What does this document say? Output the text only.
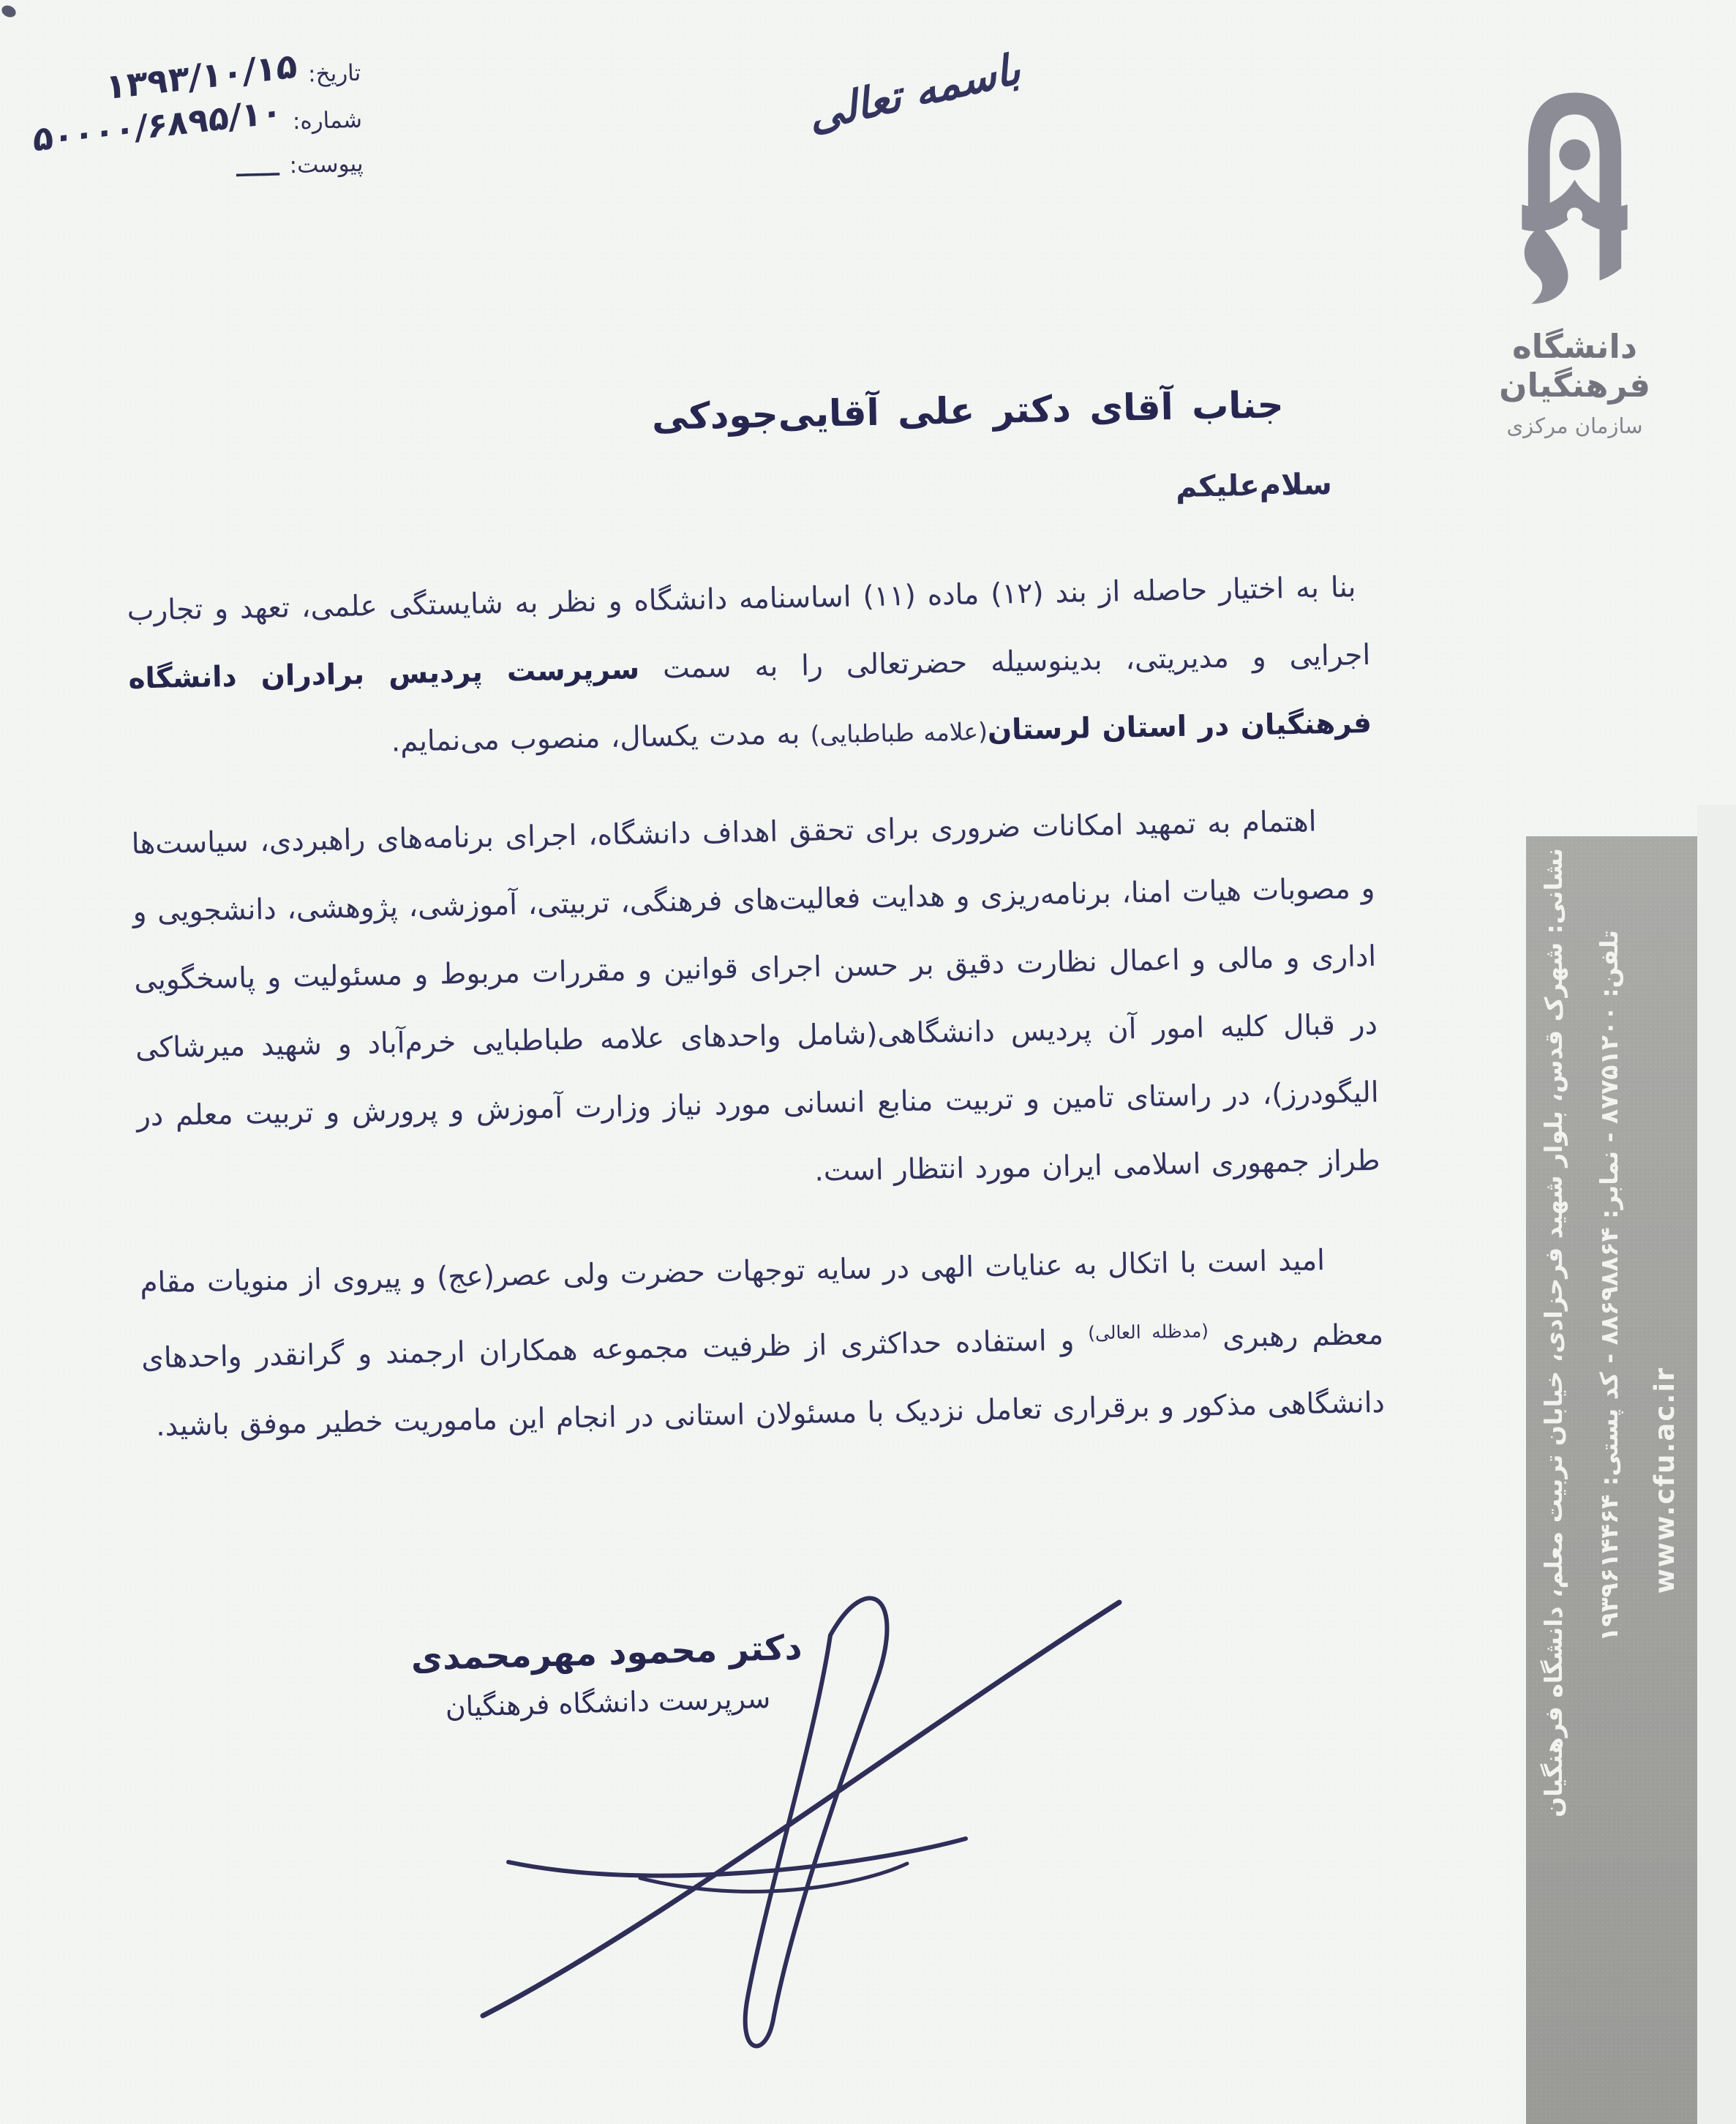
تاریخ:
۱۳۹۳/۱۰/۱۵
شماره:
۵۰۰۰۰/۶۸۹۵/۱۰
پیوست:
ـــــ
باسمه تعالی
دانشگاه فرهنگیان
سازمان مرکزی
جناب آقای دکتر علی آقایی‌جودکی
سلام‌علیکم

بنا به اختیار حاصله از بند (۱۲) ماده (۱۱) اساسنامه دانشگاه و نظر به شایستگی علمی، تعهد و تجارب اجرایی و مدیریتی، بدینوسیله حضرتعالی را به سمت سرپرست پردیس برادران دانشگاه فرهنگیان در استان لرستان(علامه طباطبایی) به مدت یکسال، منصوب می‌نمایم.

اهتمام به تمهید امکانات ضروری برای تحقق اهداف دانشگاه، اجرای برنامه‌های راهبردی، سیاست‌ها و مصوبات هیات امنا، برنامه‌ریزی و هدایت فعالیت‌های فرهنگی، تربیتی، آموزشی، پژوهشی، دانشجویی و اداری و مالی و اعمال نظارت دقیق بر حسن اجرای قوانین و مقررات مربوط و مسئولیت و پاسخگویی در قبال کلیه امور آن پردیس دانشگاهی(شامل واحدهای علامه طباطبایی خرم‌آباد و شهید میرشاکی الیگودرز)، در راستای تامین و تربیت منابع انسانی مورد نیاز وزارت آموزش و پرورش و تربیت معلم در طراز جمهوری اسلامی ایران مورد انتظار است.

امید است با اتکال به عنایات الهی در سایه توجهات حضرت ولی عصر(عج) و پیروی از منویات مقام معظم رهبری $^{(مدظله العالی)}$ و استفاده حداکثری از ظرفیت مجموعه همکاران ارجمند و گرانقدر واحدهای دانشگاهی مذکور و برقراری تعامل نزدیک با مسئولان استانی در انجام این ماموریت خطیر موفق باشید.

دکتر محمود مهرمحمدی
سرپرست دانشگاه فرهنگیان	نشانی: شهرک قدس، بلوار شهید فرحزادی، خیابان تربیت معلم، دانشگاه فرهنگیان	تلفن: ۸۷۷۵۱۲۰۰ - نمابر: ۸۸۶۹۸۸۶۴ - کد پستی: ۱۹۳۹۶۱۴۴۶۴
www.cfu.ac.ir
